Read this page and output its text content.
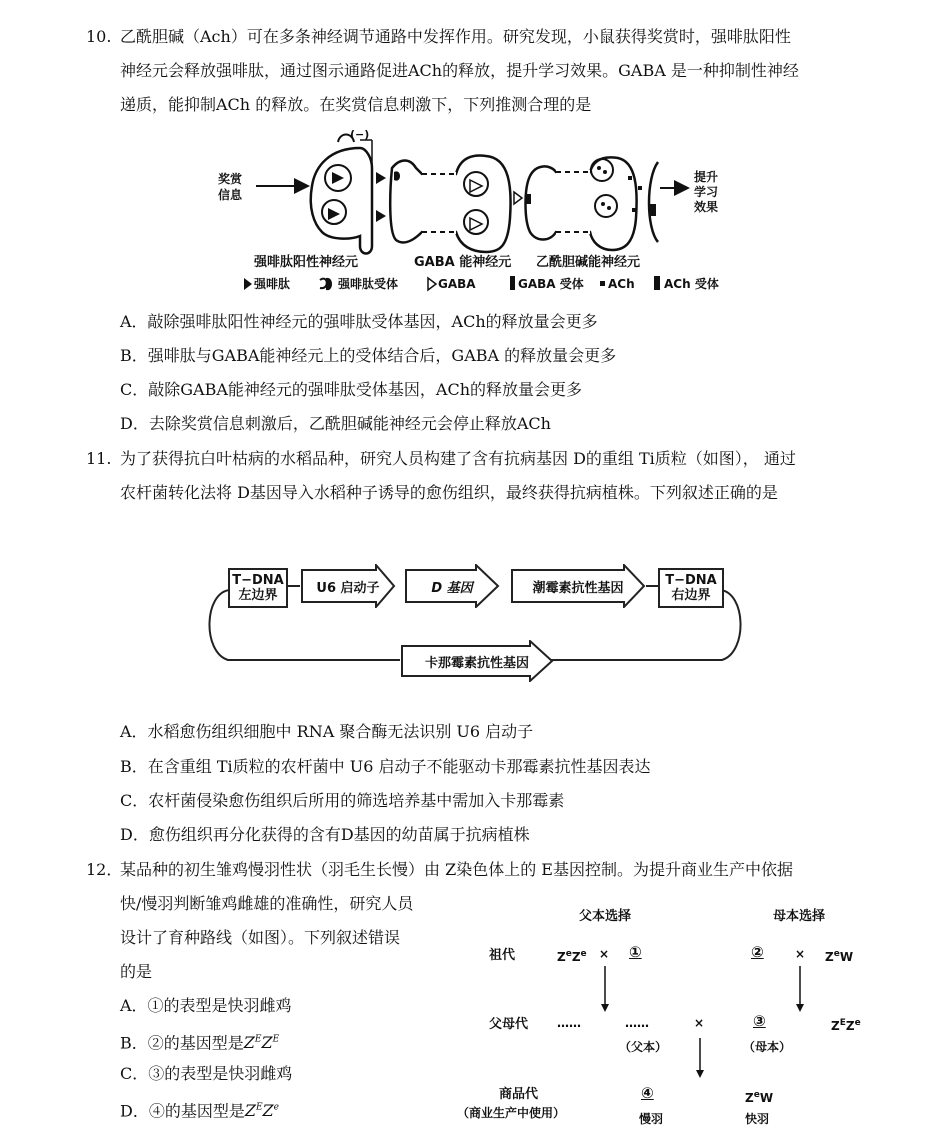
10. 乙酰胆碱（Ach）可在多条神经调节通路中发挥作用。研究发现，小鼠获得奖赏时，强啡肽阳性
神经元会释放强啡肽，通过图示通路促进ACh的释放，提升学习效果。GABA 是一种抑制性神经
递质，能抑制ACh 的释放。在奖赏信息刺激下，下列推测合理的是
奖赏
信息
(−)
提升
学习
效果
强啡肽阳性神经元	GABA 能神经元 乙酰胆碱能神经元
强啡肽	强啡肽受体	GABA	GABA 受体 ACh ACh 受体
A．敲除强啡肽阳性神经元的强啡肽受体基因，ACh的释放量会更多
B．强啡肽与GABA能神经元上的受体结合后，GABA 的释放量会更多
C．敲除GABA能神经元的强啡肽受体基因，ACh的释放量会更多
D．去除奖赏信息刺激后，乙酰胆碱能神经元会停止释放ACh
11. 为了获得抗白叶枯病的水稻品种，研究人员构建了含有抗病基因 D的重组 Ti质粒（如图）， 通过
农杆菌转化法将 D基因导入水稻种子诱导的愈伤组织，最终获得抗病植株。下列叙述正确的是
T−DNA
左边界	U6 启动子	D 基因	潮霉素抗性基因	T−DNA
右边界
卡那霉素抗性基因
A．水稻愈伤组织细胞中 RNA 聚合酶无法识别 U6 启动子
B．在含重组 Ti质粒的农杆菌中 U6 启动子不能驱动卡那霉素抗性基因表达
C．农杆菌侵染愈伤组织后所用的筛选培养基中需加入卡那霉素
D．愈伤组织再分化获得的含有D基因的幼苗属于抗病植株
12．
某品种的初生雏鸡慢羽性状（羽毛生长慢）由 Z染色体上的 E基因控制。为提升商业生产中依据
快/慢羽判断雏鸡雌雄的准确性，研究人员
设计了育种路线（如图）。下列叙述错误
的是
A．①的表型是快羽雌鸡
B．②的基因型是$Z^EZ^E$
C．③的表型是快羽雌鸡
D．④的基因型是$Z^EZ^e$
父本选择	母本选择
祖代	$Z^eZ^e$ × ①	②	× $Z^eW$
父母代 ……	……	×	③	$Z^EZ^e$
（父本）	（母本）
商品代
（商业生产中使用）
④	$Z^eW$
慢羽	快羽
